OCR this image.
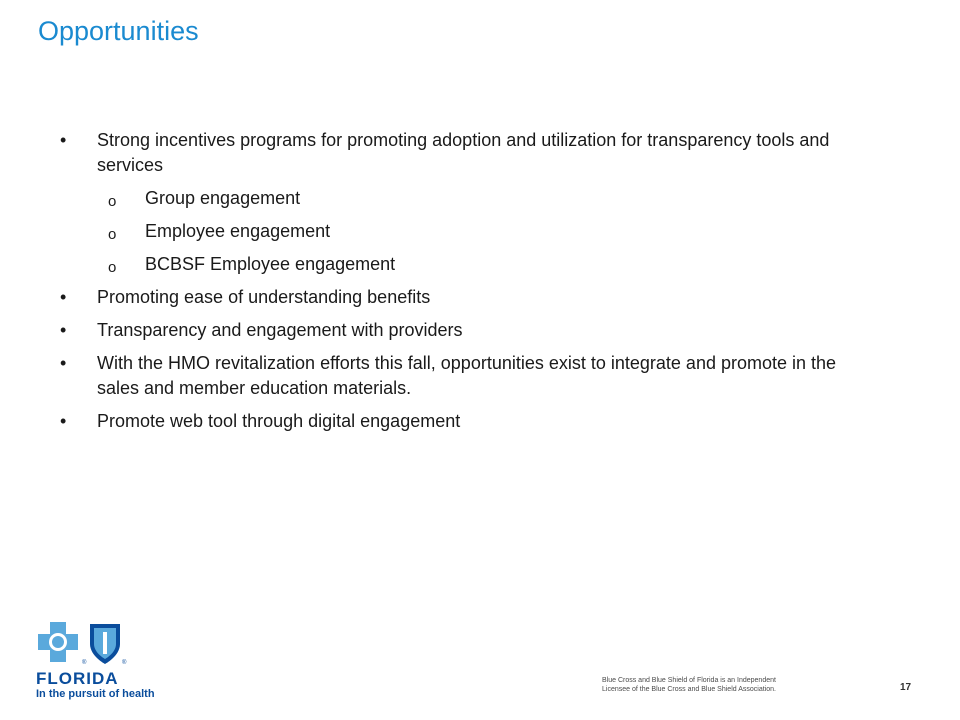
Opportunities
•	Strong incentives programs for promoting adoption and utilization for transparency tools and services
o Group engagement
o Employee engagement
o BCBSF Employee engagement
•	Promoting ease of understanding benefits
•	Transparency and engagement with providers
•	With the HMO revitalization efforts this fall, opportunities exist to integrate and promote in the sales and member education materials.
•	Promote web tool through digital engagement
®	®
FLORIDA
In the pursuit of health
Blue Cross and Blue Shield of Florida is an Independent
Licensee of the Blue Cross and Blue Shield Association.	17
